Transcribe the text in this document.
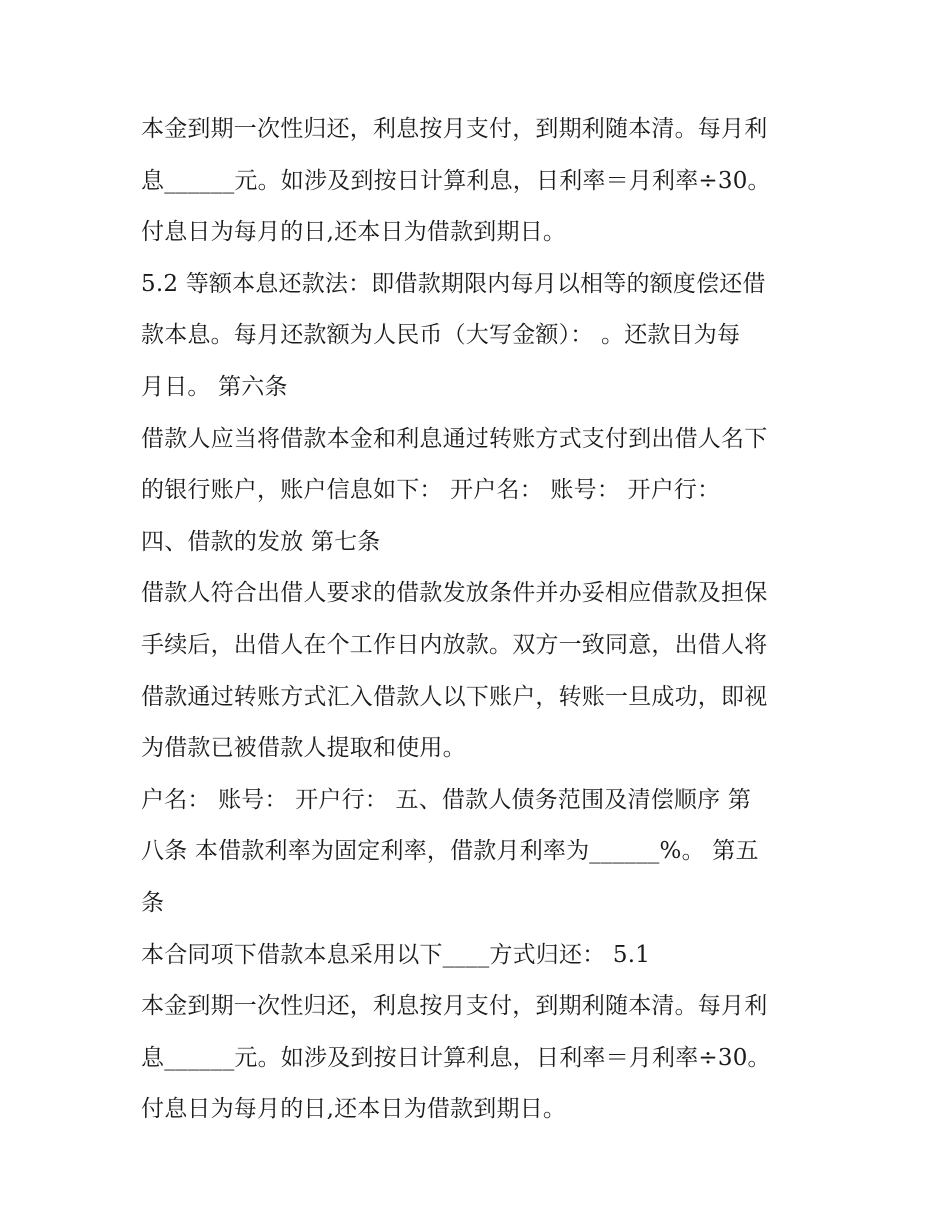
本金到期一次性归还，利息按月支付，到期利随本清。每月利
息______元。如涉及到按日计算利息，日利率＝月利率÷30。
付息日为每月的日,还本日为借款到期日。
5.2 等额本息还款法：即借款期限内每月以相等的额度偿还借
款本息。每月还款额为人民币（大写金额）： 。还款日为每
月日。 第六条
借款人应当将借款本金和利息通过转账方式支付到出借人名下
的银行账户，账户信息如下： 开户名： 账号： 开户行：
四、借款的发放 第七条
借款人符合出借人要求的借款发放条件并办妥相应借款及担保
手续后，出借人在个工作日内放款。双方一致同意，出借人将
借款通过转账方式汇入借款人以下账户，转账一旦成功，即视
为借款已被借款人提取和使用。
户名： 账号： 开户行： 五、借款人债务范围及清偿顺序 第
八条 本借款利率为固定利率，借款月利率为______%。 第五
条
本合同项下借款本息采用以下____方式归还： 5.1
本金到期一次性归还，利息按月支付，到期利随本清。每月利
息______元。如涉及到按日计算利息，日利率＝月利率÷30。
付息日为每月的日,还本日为借款到期日。
